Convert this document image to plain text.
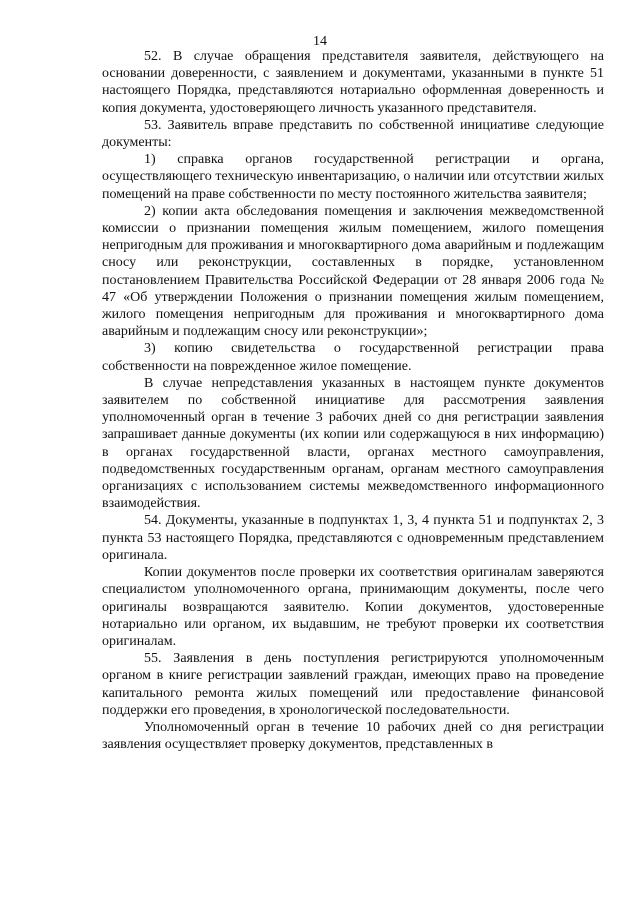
14

52. В случае обращения представителя заявителя, действующего на основании доверенности, с заявлением и документами, указанными в пункте 51 настоящего Порядка, представляются нотариально оформленная доверенность и копия документа, удостоверяющего личность указанного представителя.

53. Заявитель вправе представить по собственной инициативе следующие документы:

1) справка органов государственной регистрации и органа, осуществляющего техническую инвентаризацию, о наличии или отсутствии жилых помещений на праве собственности по месту постоянного жительства заявителя;

2) копии акта обследования помещения и заключения межведомственной комиссии о признании помещения жилым помещением, жилого помещения непригодным для проживания и многоквартирного дома аварийным и подлежащим сносу или реконструкции, составленных в порядке, установленном постановлением Правительства Российской Федерации от 28 января 2006 года № 47 «Об утверждении Положения о признании помещения жилым помещением, жилого помещения непригодным для проживания и многоквартирного дома аварийным и подлежащим сносу или реконструкции»;

3) копию свидетельства о государственной регистрации права собственности на поврежденное жилое помещение.

В случае непредставления указанных в настоящем пункте документов заявителем по собственной инициативе для рассмотрения заявления уполномоченный орган в течение 3 рабочих дней со дня регистрации заявления запрашивает данные документы (их копии или содержащуюся в них информацию) в органах государственной власти, органах местного самоуправления, подведомственных государственным органам, органам местного самоуправления организациях с использованием системы межведомственного информационного взаимодействия.

54. Документы, указанные в подпунктах 1, 3, 4 пункта 51 и подпунктах 2, 3 пункта 53 настоящего Порядка, представляются с одновременным представлением оригинала.

Копии документов после проверки их соответствия оригиналам заверяются специалистом уполномоченного органа, принимающим документы, после чего оригиналы возвращаются заявителю. Копии документов, удостоверенные нотариально или органом, их выдавшим, не требуют проверки их соответствия оригиналам.

55. Заявления в день поступления регистрируются уполномоченным органом в книге регистрации заявлений граждан, имеющих право на проведение капитального ремонта жилых помещений или предоставление финансовой поддержки его проведения, в хронологической последовательности.

Уполномоченный орган в течение 10 рабочих дней со дня регистрации заявления осуществляет проверку документов, представленных в
